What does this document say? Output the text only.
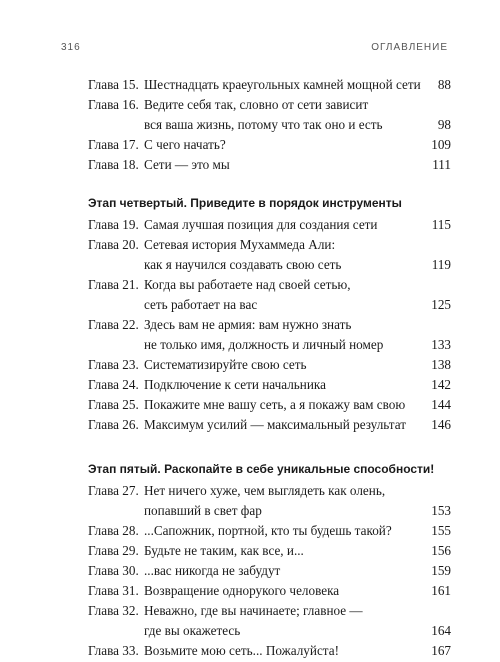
316	ОГЛАВЛЕНИЕ
Глава 15. Шестнадцать краеугольных камней мощной сети	88
Глава 16. Ведите себя так, словно от сети зависит
вся ваша жизнь, потому что так оно и есть	98
Глава 17. С чего начать?	109
Глава 18. Сети — это мы	111
Этап четвертый. Приведите в порядок инструменты
Глава 19. Самая лучшая позиция для создания сети	115
Глава 20. Сетевая история Мухаммеда Али:
как я научился создавать свою сеть	119
Глава 21. Когда вы работаете над своей сетью,
сеть работает на вас	125
Глава 22. Здесь вам не армия: вам нужно знать
не только имя, должность и личный номер	133
Глава 23. Систематизируйте свою сеть	138
Глава 24. Подключение к сети начальника	142
Глава 25. Покажите мне вашу сеть, а я покажу вам свою	144
Глава 26. Максимум усилий — максимальный результат	146
Этап пятый. Раскопайте в себе уникальные способности!
Глава 27. Нет ничего хуже, чем выглядеть как олень,
попавший в свет фар	153
Глава 28. ...Сапожник, портной, кто ты будешь такой?	155
Глава 29. Будьте не таким, как все, и...	156
Глава 30. ...вас никогда не забудут	159
Глава 31. Возвращение однорукого человека	161
Глава 32. Неважно, где вы начинаете; главное —
где вы окажетесь	164
Глава 33. Возьмите мою сеть... Пожалуйста!	167
